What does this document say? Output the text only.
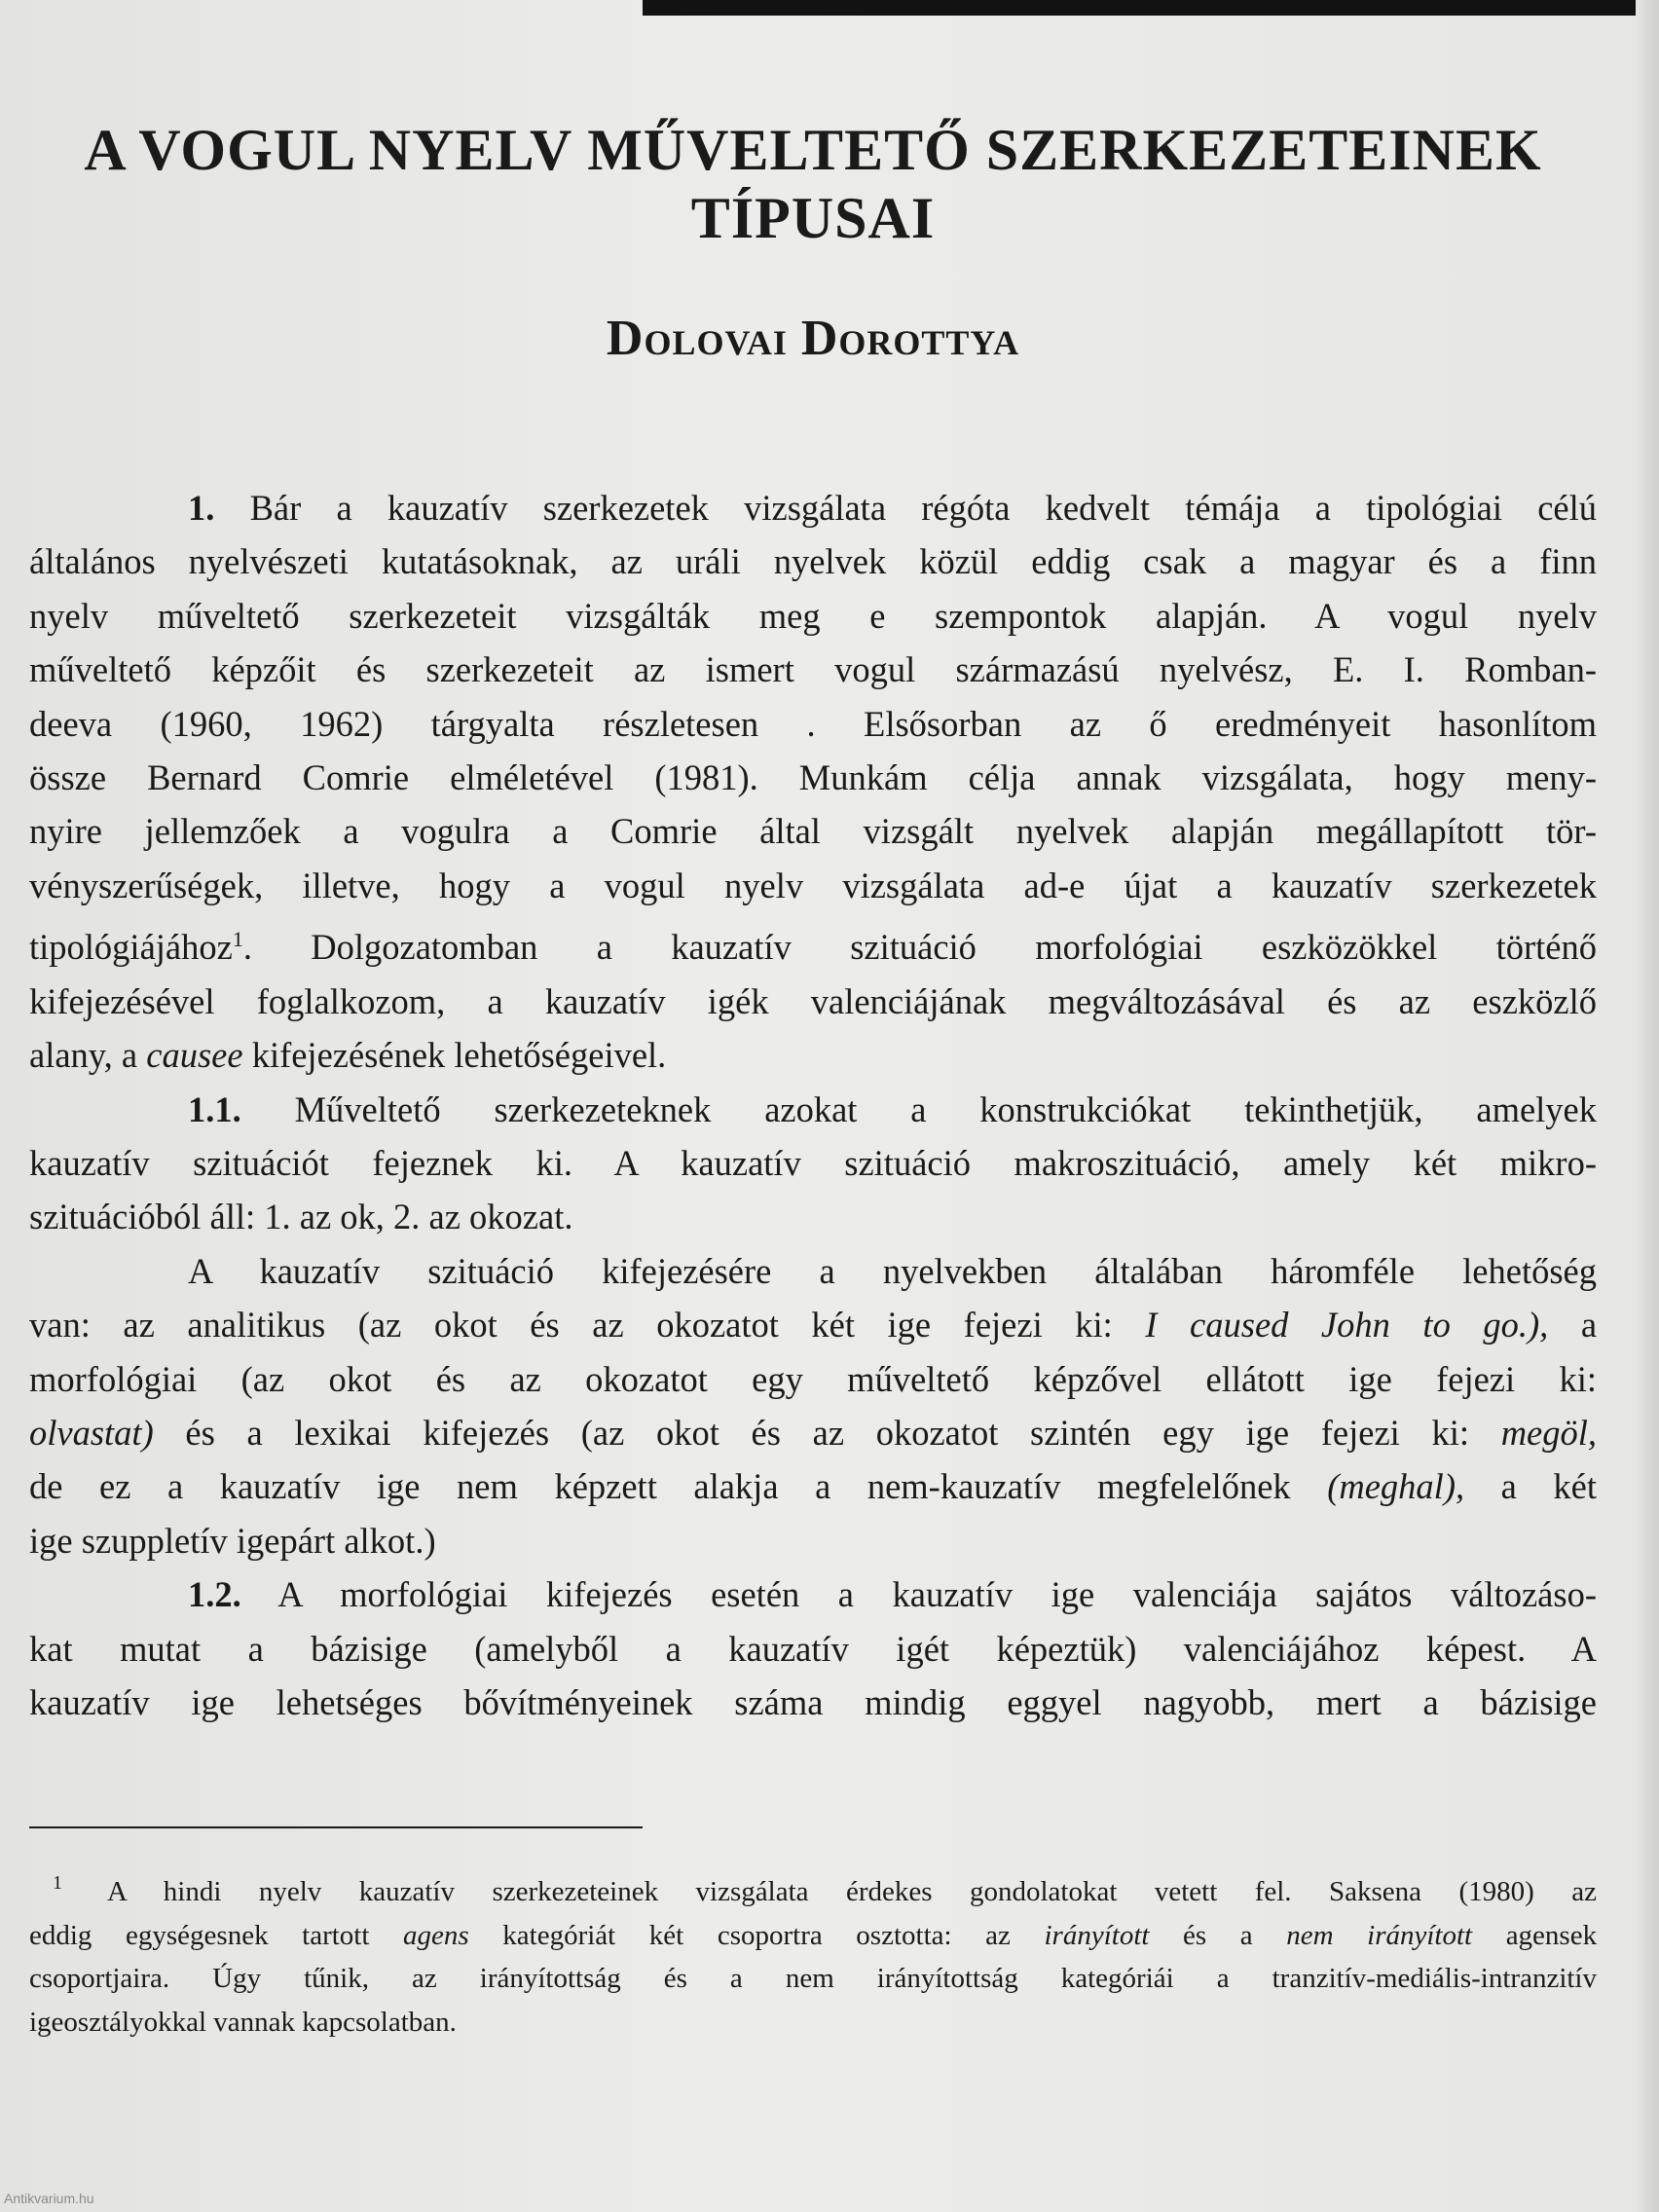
A VOGUL NYELV MŰVELTETŐ SZERKEZETEINEK
TÍPUSAI
Dolovai Dorottya

1. Bár a kauzatív szerkezetek vizsgálata régóta kedvelt témája a tipológiai célú
általános nyelvészeti kutatásoknak, az uráli nyelvek közül eddig csak a magyar és a finn
nyelv műveltető szerkezeteit vizsgálták meg e szempontok alapján. A vogul nyelv
műveltető képzőit és szerkezeteit az ismert vogul származású nyelvész, E. I. Romban-
deeva (1960, 1962) tárgyalta részletesen . Elsősorban az ő eredményeit hasonlítom
össze Bernard Comrie elméletével (1981). Munkám célja annak vizsgálata, hogy meny-
nyire jellemzőek a vogulra a Comrie által vizsgált nyelvek alapján megállapított tör-
vényszerűségek, illetve, hogy a vogul nyelv vizsgálata ad-e újat a kauzatív szerkezetek
tipológiájához$^1$. Dolgozatomban a kauzatív szituáció morfológiai eszközökkel történő
kifejezésével foglalkozom, a kauzatív igék valenciájának megváltozásával és az eszközlő
alany, a causee kifejezésének lehetőségeivel.

1.1. Műveltető szerkezeteknek azokat a konstrukciókat tekinthetjük, amelyek
kauzatív szituációt fejeznek ki. A kauzatív szituáció makroszituáció, amely két mikro-
szituációból áll: 1. az ok, 2. az okozat.

A kauzatív szituáció kifejezésére a nyelvekben általában háromféle lehetőség
van: az analitikus (az okot és az okozatot két ige fejezi ki: I caused John to go.), a
morfológiai (az okot és az okozatot egy műveltető képzővel ellátott ige fejezi ki:
olvastat) és a lexikai kifejezés (az okot és az okozatot szintén egy ige fejezi ki: megöl,
de ez a kauzatív ige nem képzett alakja a nem-kauzatív megfelelőnek (meghal), a két
ige szuppletív igepárt alkot.)

1.2. A morfológiai kifejezés esetén a kauzatív ige valenciája sajátos változáso-
kat mutat a bázisige (amelyből a kauzatív igét képeztük) valenciájához képest. A
kauzatív ige lehetséges bővítményeinek száma mindig eggyel nagyobb, mert a bázisige

1 A hindi nyelv kauzatív szerkezeteinek vizsgálata érdekes gondolatokat vetett fel. Saksena (1980) az
eddig egységesnek tartott agens kategóriát két csoportra osztotta: az irányított és a nem irányított agensek
csoportjaira. Úgy tűnik, az irányítottság és a nem irányítottság kategóriái a tranzitív-mediális-intranzitív
igeosztályokkal vannak kapcsolatban.

Antikvarium.hu
